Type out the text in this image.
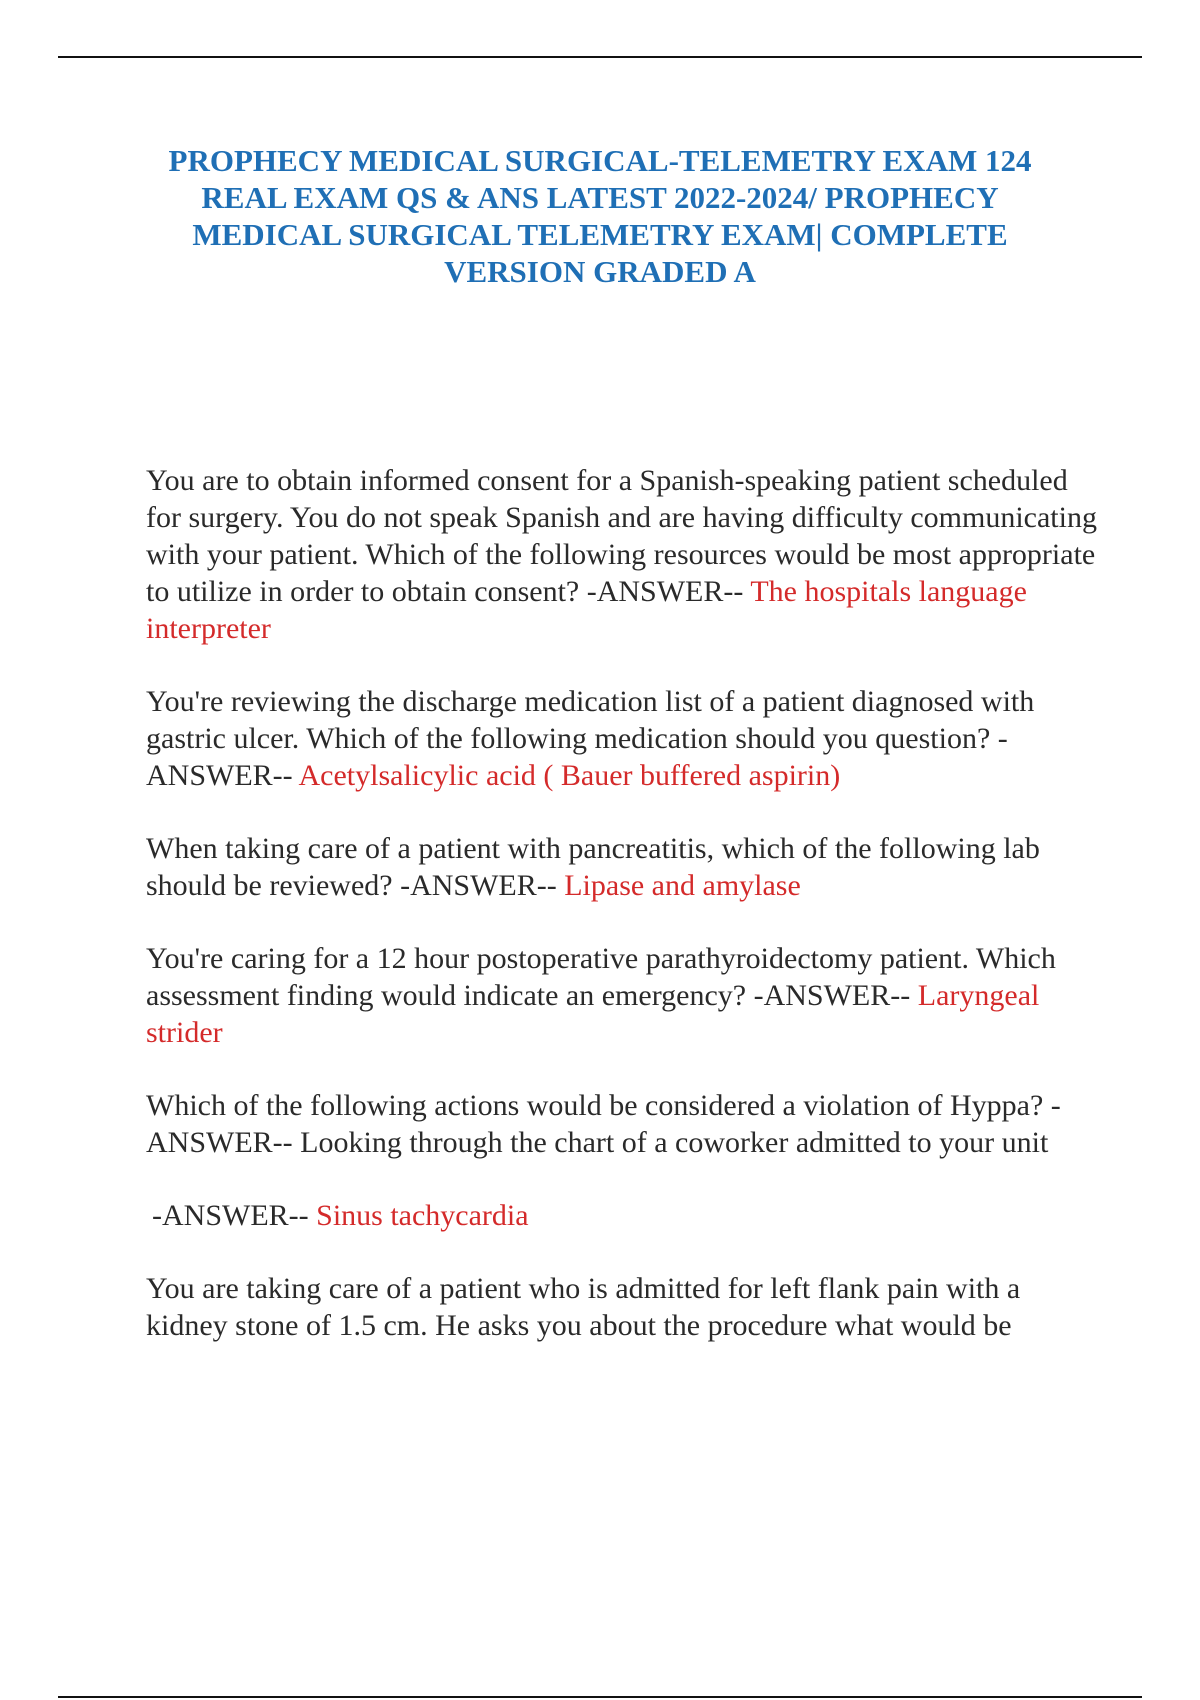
PROPHECY MEDICAL SURGICAL-TELEMETRY EXAM 124 REAL EXAM QS & ANS LATEST 2022-2024/ PROPHECY MEDICAL SURGICAL TELEMETRY EXAM| COMPLETE VERSION GRADED A

You are to obtain informed consent for a Spanish-speaking patient scheduled for surgery. You do not speak Spanish and are having difficulty communicating with your patient. Which of the following resources would be most appropriate to utilize in order to obtain consent? -ANSWER-- The hospitals language interpreter

You're reviewing the discharge medication list of a patient diagnosed with gastric ulcer. Which of the following medication should you question? -ANSWER-- Acetylsalicylic acid ( Bauer buffered aspirin)

When taking care of a patient with pancreatitis, which of the following lab should be reviewed? -ANSWER-- Lipase and amylase

You're caring for a 12 hour postoperative parathyroidectomy patient. Which assessment finding would indicate an emergency? -ANSWER-- Laryngeal strider

Which of the following actions would be considered a violation of Hyppa? -ANSWER-- Looking through the chart of a coworker admitted to your unit

-ANSWER-- Sinus tachycardia

You are taking care of a patient who is admitted for left flank pain with a kidney stone of 1.5 cm. He asks you about the procedure what would be
